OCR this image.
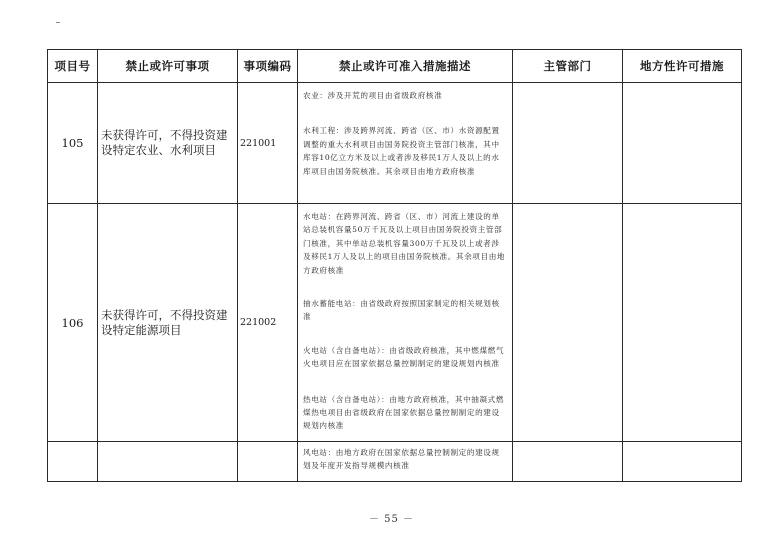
项目号	禁止或许可事项	事项编码	禁止或许可准入措施描述	主管部门	地方性许可措施
105	未获得许可，不得投资建设特定农业、水利项目	221001	农业：涉及开荒的项目由省级政府核准

水利工程：涉及跨界河流、跨省（区、市）水资源配置调整的重大水利项目由国务院投资主管部门核准，其中库容10亿立方米及以上或者涉及移民1万人及以上的水库项目由国务院核准。其余项目由地方政府核准		

106	未获得许可，不得投资建设特定能源项目	221002	水电站：在跨界河流、跨省（区、市）河流上建设的单站总装机容量50万千瓦及以上项目由国务院投资主管部门核准，其中单站总装机容量300万千瓦及以上或者涉及移民1万人及以上的项目由国务院核准。其余项目由地方政府核准

抽水蓄能电站：由省级政府按照国家制定的相关规划核准

火电站（含自备电站）：由省级政府核准，其中燃煤燃气火电项目应在国家依据总量控制制定的建设规划内核准

热电站（含自备电站）：由地方政府核准，其中抽凝式燃煤热电项目由省级政府在国家依据总量控制制定的建设规划内核准		

			风电站：由地方政府在国家依据总量控制制定的建设规划及年度开发指导规模内核准		

－ 55 －
